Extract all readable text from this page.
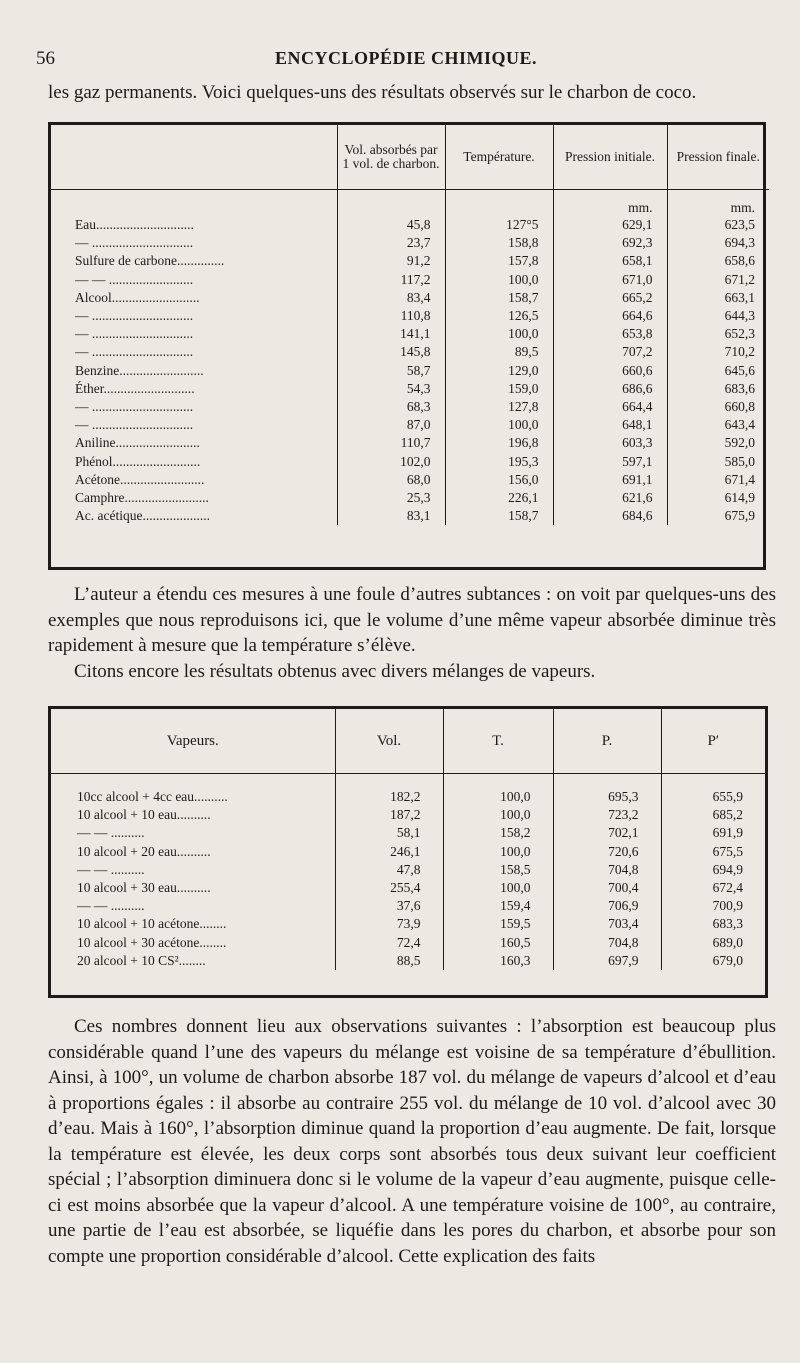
56	ENCYCLOPÉDIE CHIMIQUE.
les gaz permanents. Voici quelques-uns des résultats observés sur le charbon de coco.
	Vol. absorbés par 1 vol. de charbon.	Température.	Pression initiale.	Pression finale.
			mm.	mm.
Eau.............................	45,8	127°5	629,1	623,5
— ..............................	23,7	158,8	692,3	694,3
Sulfure de carbone..............	91,2	157,8	658,1	658,6
— — .........................	117,2	100,0	671,0	671,2
Alcool..........................	83,4	158,7	665,2	663,1
— ..............................	110,8	126,5	664,6	644,3
— ..............................	141,1	100,0	653,8	652,3
— ..............................	145,8	89,5	707,2	710,2
Benzine.........................	58,7	129,0	660,6	645,6
Éther...........................	54,3	159,0	686,6	683,6
— ..............................	68,3	127,8	664,4	660,8
— ..............................	87,0	100,0	648,1	643,4
Aniline.........................	110,7	196,8	603,3	592,0
Phénol..........................	102,0	195,3	597,1	585,0
Acétone.........................	68,0	156,0	691,1	671,4
Camphre.........................	25,3	226,1	621,6	614,9
Ac. acétique....................	83,1	158,7	684,6	675,9
L’auteur a étendu ces mesures à une foule d’autres subtances : on voit par quelques-uns des exemples que nous reproduisons ici, que le volume d’une même vapeur absorbée diminue très rapidement à mesure que la température s’élève.
Citons encore les résultats obtenus avec divers mélanges de vapeurs.
Vapeurs.	Vol.	T.	P.	P′
10cc alcool + 4cc eau..........	182,2	100,0	695,3	655,9
10 alcool + 10 eau..........	187,2	100,0	723,2	685,2
— — ..........	58,1	158,2	702,1	691,9
10 alcool + 20 eau..........	246,1	100,0	720,6	675,5
— — ..........	47,8	158,5	704,8	694,9
10 alcool + 30 eau..........	255,4	100,0	700,4	672,4
— — ..........	37,6	159,4	706,9	700,9
10 alcool + 10 acétone........	73,9	159,5	703,4	683,3
10 alcool + 30 acétone........	72,4	160,5	704,8	689,0
20 alcool + 10 CS²........	88,5	160,3	697,9	679,0
Ces nombres donnent lieu aux observations suivantes : l’absorption est beaucoup plus considérable quand l’une des vapeurs du mélange est voisine de sa température d’ébullition. Ainsi, à 100°, un volume de charbon absorbe 187 vol. du mélange de vapeurs d’alcool et d’eau à proportions égales : il absorbe au contraire 255 vol. du mélange de 10 vol. d’alcool avec 30 d’eau. Mais à 160°, l’absorption diminue quand la proportion d’eau augmente. De fait, lorsque la température est élevée, les deux corps sont absorbés tous deux suivant leur coefficient spécial ; l’absorption diminuera donc si le volume de la vapeur d’eau augmente, puisque celle-ci est moins absorbée que la vapeur d’alcool. A une température voisine de 100°, au contraire, une partie de l’eau est absorbée, se liquéfie dans les pores du charbon, et absorbe pour son compte une proportion considérable d’alcool. Cette explication des faits
